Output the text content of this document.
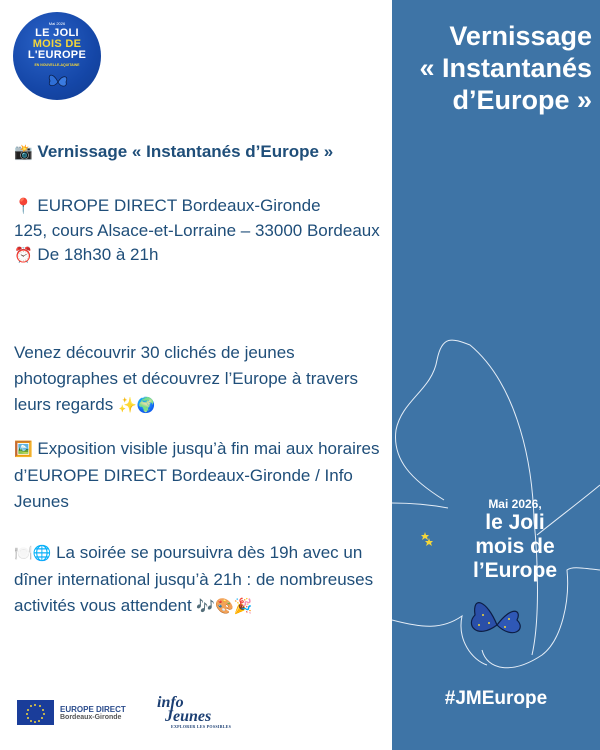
Mai 2026
LE JOLI
MOIS DE
L'EUROPE
EN NOUVELLE-AQUITAINE
📸 Vernissage « Instantanés d’Europe »
📍 EUROPE DIRECT Bordeaux-Gironde
125, cours Alsace-et-Lorraine – 33000 Bordeaux
⏰ De 18h30 à 21h
Venez découvrir 30 clichés de jeunes photographes et découvrez l’Europe à travers leurs regards ✨🌍
🖼️ Exposition visible jusqu’à fin mai aux horaires d’EUROPE DIRECT Bordeaux-Gironde / Info Jeunes
🍽️🌐 La soirée se poursuivra dès 19h avec un dîner international jusqu’à 21h : de nombreuses activités vous attendent 🎶🎨🎉
EUROPE DIRECT
Bordeaux-Gironde
info
Jeunes
EXPLORER LES POSSIBLES
Vernissage
« Instantanés
d’Europe »
Mai 2026,
le Joli
mois de
l’Europe
#JMEurope
